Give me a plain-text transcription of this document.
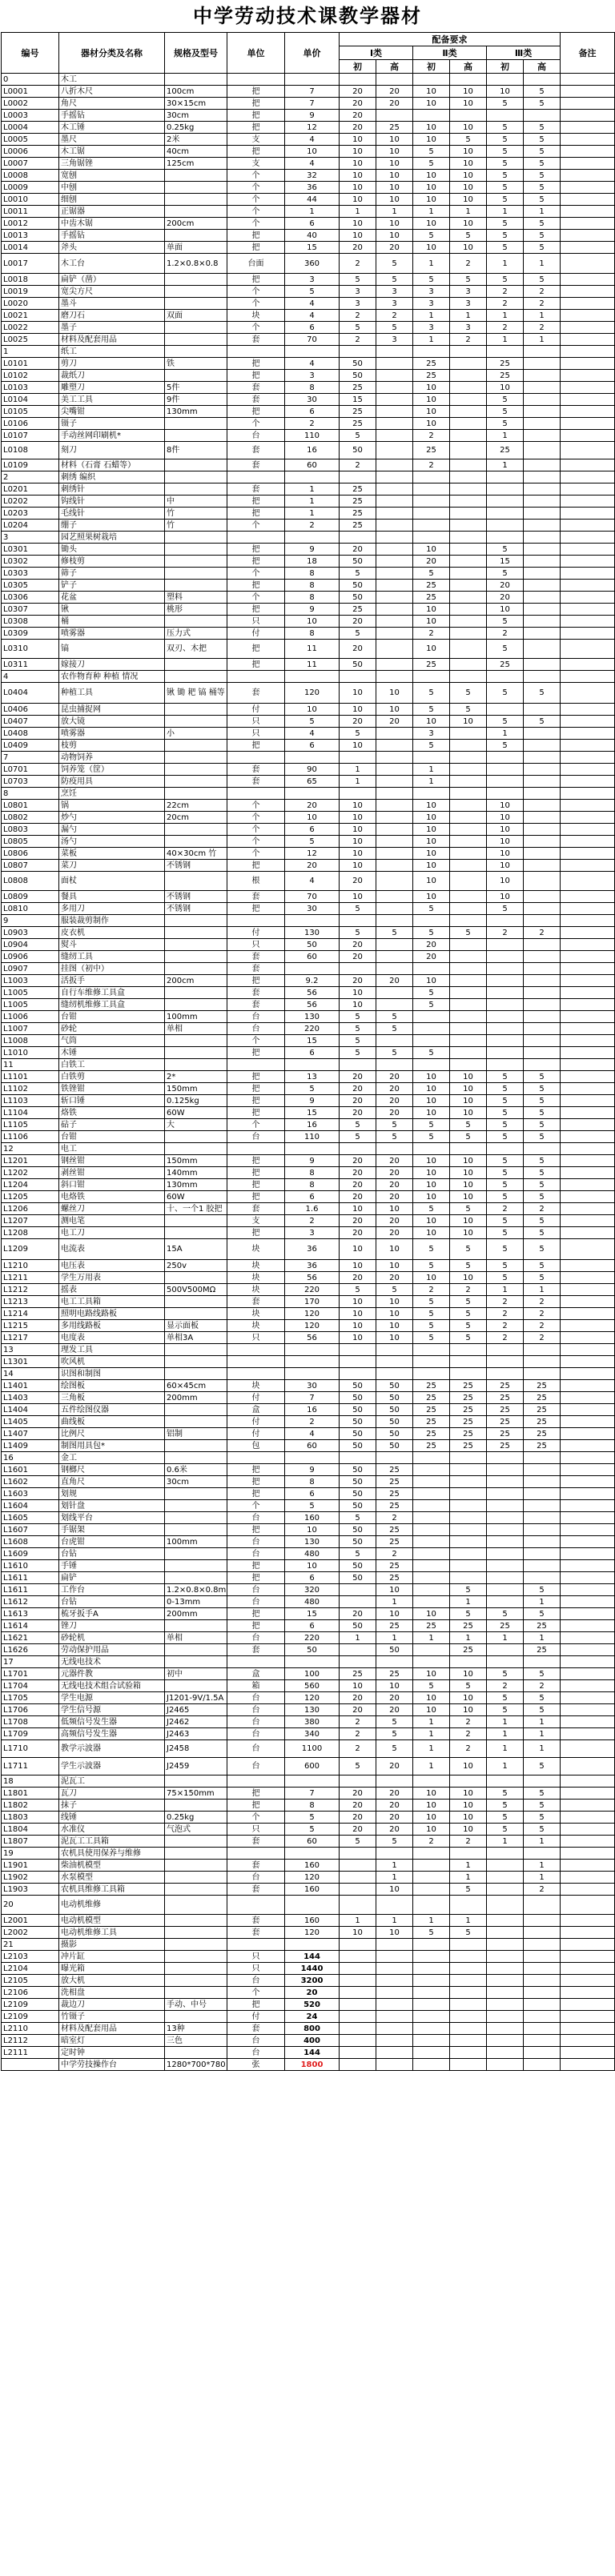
中学劳动技术课教学器材
编号	器材分类及名称	规格及型号	单位	单价	配备要求						备注
					Ⅰ类		Ⅱ类		Ⅲ类		
					初	高	初	高	初	高	
0	木工										
L0001	八折木尺	100cm	把	7	20	20	10	10	10	5	
L0002	角尺	30×15cm	把	7	20	20	10	10	5	5	
L0003	手摇钻	30cm	把	9	20						
L0004	木工锤	0.25kg	把	12	20	25	10	10	5	5	
L0005	墨尺	2米	支	4	10	10	10	5	5	5	
L0006	木工锯	40cm	把	10	10	10	5	10	5	5	
L0007	三角锯锉	125cm	支	4	10	10	5	10	5	5	
L0008	宽刨		个	32	10	10	10	10	5	5	
L0009	中刨		个	36	10	10	10	10	5	5	
L0010	细刨		个	44	10	10	10	10	5	5	
L0011	正锯器		个	1	1	1	1	1	1	1	
L0012	中齿木锯	200cm	个	6	10	10	10	10	5	5	
L0013	手摇钻		把	40	10	10	5	5	5	5	
L0014	斧头	单面	把	15	20	20	10	10	5	5	
L0017	木工台	1.2×0.8×0.8	台面	360	2	5	1	2	1	1	
L0018	扁铲（凿）		把	3	5	5	5	5	5	5	
L0019	宽尖方尺		个	5	3	3	3	3	2	2	
L0020	墨斗		个	4	3	3	3	3	2	2	
L0021	磨刀石	双面	块	4	2	2	1	1	1	1	
L0022	墨子		个	6	5	5	3	3	2	2	
L0025	材料及配套用品		套	70	2	3	1	2	1	1	
1	纸工										
L0101	剪刀	铁	把	4	50		25		25		
L0102	裁纸刀		把	3	50		25		25		
L0103	雕塑刀	5件	套	8	25		10		10		
L0104	美工工具	9件	套	30	15		10		5		
L0105	尖嘴钳	130mm	把	6	25		10		5		
L0106	镊子		个	2	25		10		5		
L0107	手动丝网印刷机*		台	110	5		2		1		
L0108	刻刀	8件	套	16	50		25		25		
L0109	材料（石膏 石蜡等）		套	60	2		2		1		
2	刺绣 编织										
L0201	刺绣针		套	1	25						
L0202	钩线针	中	把	1	25						
L0203	毛线针	竹	把	1	25						
L0204	绷子	竹	个	2	25						
3	园艺照果树栽培										
L0301	锄头		把	9	20		10		5		
L0302	修枝剪		把	18	50		20		15		
L0303	筛子		个	8	5		5		5		
L0305	铲子		把	8	50		25		20		
L0306	花盆	塑料	个	8	50		25		20		
L0307	锹	桃形	把	9	25		10		10		
L0308	桶		只	10	20		10		5		
L0309	喷雾器	压力式	付	8	5		2		2		
L0310	镐	双刃、木把	把	11	20		10		5		
L0311	嫁接刀		把	11	50		25		25		
4	农作物育种 种植 情况										
L0404	种植工具	锹 锄 耙 镐 桶等	套	120	10	10	5	5	5	5	
L0406	昆虫捕捉网		付	10	10	10	5	5			
L0407	放大镜		只	5	20	20	10	10	5	5	
L0408	喷雾器	小	只	4	5		3		1		
L0409	枝剪		把	6	10		5		5		
7	动物饲养										
L0701	饲养笼（筐）		套	90	1		1				
L0703	防疫用具		套	65	1		1				
8	烹饪										
L0801	锅	22cm	个	20	10		10		10		
L0802	炒勺	20cm	个	10	10		10		10		
L0803	漏勺		个	6	10		10		10		
L0805	汤勺		个	5	10		10		10		
L0806	菜板	40×30cm 竹	个	12	10		10		10		
L0807	菜刀	不锈钢	把	20	10		10		10		
L0808	面杖		根	4	20		10		10		
L0809	餐具	不锈钢	套	70	10		10		10		
L0810	多用刀	不锈钢	把	30	5		5		5		
9	服装裁剪制作										
L0903	皮衣机		付	130	5	5	5	5	2	2	
L0904	熨斗		只	50	20		20				
L0906	缝纫工具		套	60	20		20				
L0907	挂图（初中）		套								
L1003	活扳手	200cm	把	9.2	20	20	10				
L1005	自行车维修工具盒		套	56	10		5				
L1005	缝纫机维修工具盒		套	56	10		5				
L1006	台钳	100mm	台	130	5	5					
L1007	砂轮	单相	台	220	5	5					
L1008	气筒		个	15	5						
L1010	木锤		把	6	5	5	5				
11	白铁工										
L1101	白铁剪	2*	把	13	20	20	10	10	5	5	
L1102	铁锉钳	150mm	把	5	20	20	10	10	5	5	
L1103	斩口锤	0.125kg	把	9	20	20	10	10	5	5	
L1104	烙铁	60W	把	15	20	20	10	10	5	5	
L1105	砧子	大	个	16	5	5	5	5	5	5	
L1106	台钳		台	110	5	5	5	5	5	5	
12	电工										
L1201	钢丝钳	150mm	把	9	20	20	10	10	5	5	
L1202	剥丝钳	140mm	把	8	20	20	10	10	5	5	
L1204	斜口钳	130mm	把	8	20	20	10	10	5	5	
L1205	电烙铁	60W	把	6	20	20	10	10	5	5	
L1206	螺丝刀	十、一个1 胶把	套	1.6	10	10	5	5	2	2	
L1207	测电笔		支	2	20	20	10	10	5	5	
L1208	电工刀		把	3	20	20	10	10	5	5	
L1209	电流表	15A	块	36	10	10	5	5	5	5	
L1210	电压表	250v	块	36	10	10	5	5	5	5	
L1211	学生万用表		块	56	20	20	10	10	5	5	
L1212	摇表	500V500MΩ	块	220	5	5	2	2	1	1	
L1213	电工工具箱		套	170	10	10	5	5	2	2	
L1214	照明电路线路板		块	120	10	10	5	5	2	2	
L1215	多用线路板	显示面板	块	120	10	10	5	5	2	2	
L1217	电度表	单相3A	只	56	10	10	5	5	2	2	
13	理发工具										
L1301	吹风机										
14	识图和制图										
L1401	绘图板	60×45cm	块	30	50	50	25	25	25	25	
L1403	三角板	200mm	付	7	50	50	25	25	25	25	
L1404	五件绘图仪器		盒	16	50	50	25	25	25	25	
L1405	曲线板		付	2	50	50	25	25	25	25	
L1407	比例尺	铝制	付	4	50	50	25	25	25	25	
L1409	制图用具包*		包	60	50	50	25	25	25	25	
16	金工										
L1601	钢榔尺	0.6米	把	9	50	25					
L1602	直角尺	30cm	把	8	50	25					
L1603	划规		把	6	50	25					
L1604	划针盘		个	5	50	25					
L1605	划线平台		台	160	5	2					
L1607	手锯架		把	10	50	25					
L1608	台虎钳	100mm	台	130	50	25					
L1609	台钻		台	480	5	2					
L1610	手锤		把	10	50	25					
L1611	扁铲		把	6	50	25					
L1611	工作台	1.2×0.8×0.8m	台	320		10		5		5	
L1612	台钻	0-13mm	台	480		1		1		1	
L1613	梳牙扳手A	200mm	把	15	20	10	10	5	5	5	
L1614	锉刀		把	6	50	25	25	25	25	25	
L1621	砂轮机	单相	台	220	1	1	1	1	1	1	
L1626	劳动保护用品		套	50		50		25		25	
17	无线电技术										
L1701	元器件教	初中	盒	100	25	25	10	10	5	5	
L1704	无线电技术组合试验箱		箱	560	10	10	5	5	2	2	
L1705	学生电源	J1201-9V/1.5A	台	120	20	20	10	10	5	5	
L1706	学生信号源	J2465	台	130	20	20	10	10	5	5	
L1708	低频信号发生器	J2462	台	380	2	5	1	2	1	1	
L1709	高频信号发生器	J2463	台	340	2	5	1	2	1	1	
L1710	教学示波器	J2458	台	1100	2	5	1	2	1	1	
L1711	学生示波器	J2459	台	600	5	20	1	10	1	5	
18	泥瓦工										
L1801	瓦刀	75×150mm	把	7	20	20	10	10	5	5	
L1802	抹子		把	8	20	20	10	10	5	5	
L1803	线锤	0.25kg	个	5	20	20	10	10	5	5	
L1804	水准仪	气泡式	只	5	20	20	10	10	5	5	
L1807	泥瓦工工具箱		套	60	5	5	2	2	1	1	
19	农机具使用保养与维修										
L1901	柴油机模型		套	160		1		1		1	
L1902	水泵模型		台	120		1		1		1	
L1903	农机具维修工具箱		套	160		10		5		2	
20	电动机维修										
L2001	电动机模型		套	160	1	1	1	1			
L2002	电动机维修工具		套	120	10	10	5	5			
21	摄影										
L2103	冲片缸		只	144							
L2104	曝光箱		只	1440							
L2105	放大机		台	3200							
L2106	洗相盘		个	20							
L2109	裁边刀	手动、中号	把	520							
L2109	竹镊子		付	24							
L2110	材料及配套用品	13种	套	800							
L2112	暗室灯	三色	台	400							
L2111	定时钟		台	144							
	中学劳技操作台	1280*700*780	张	1800							
